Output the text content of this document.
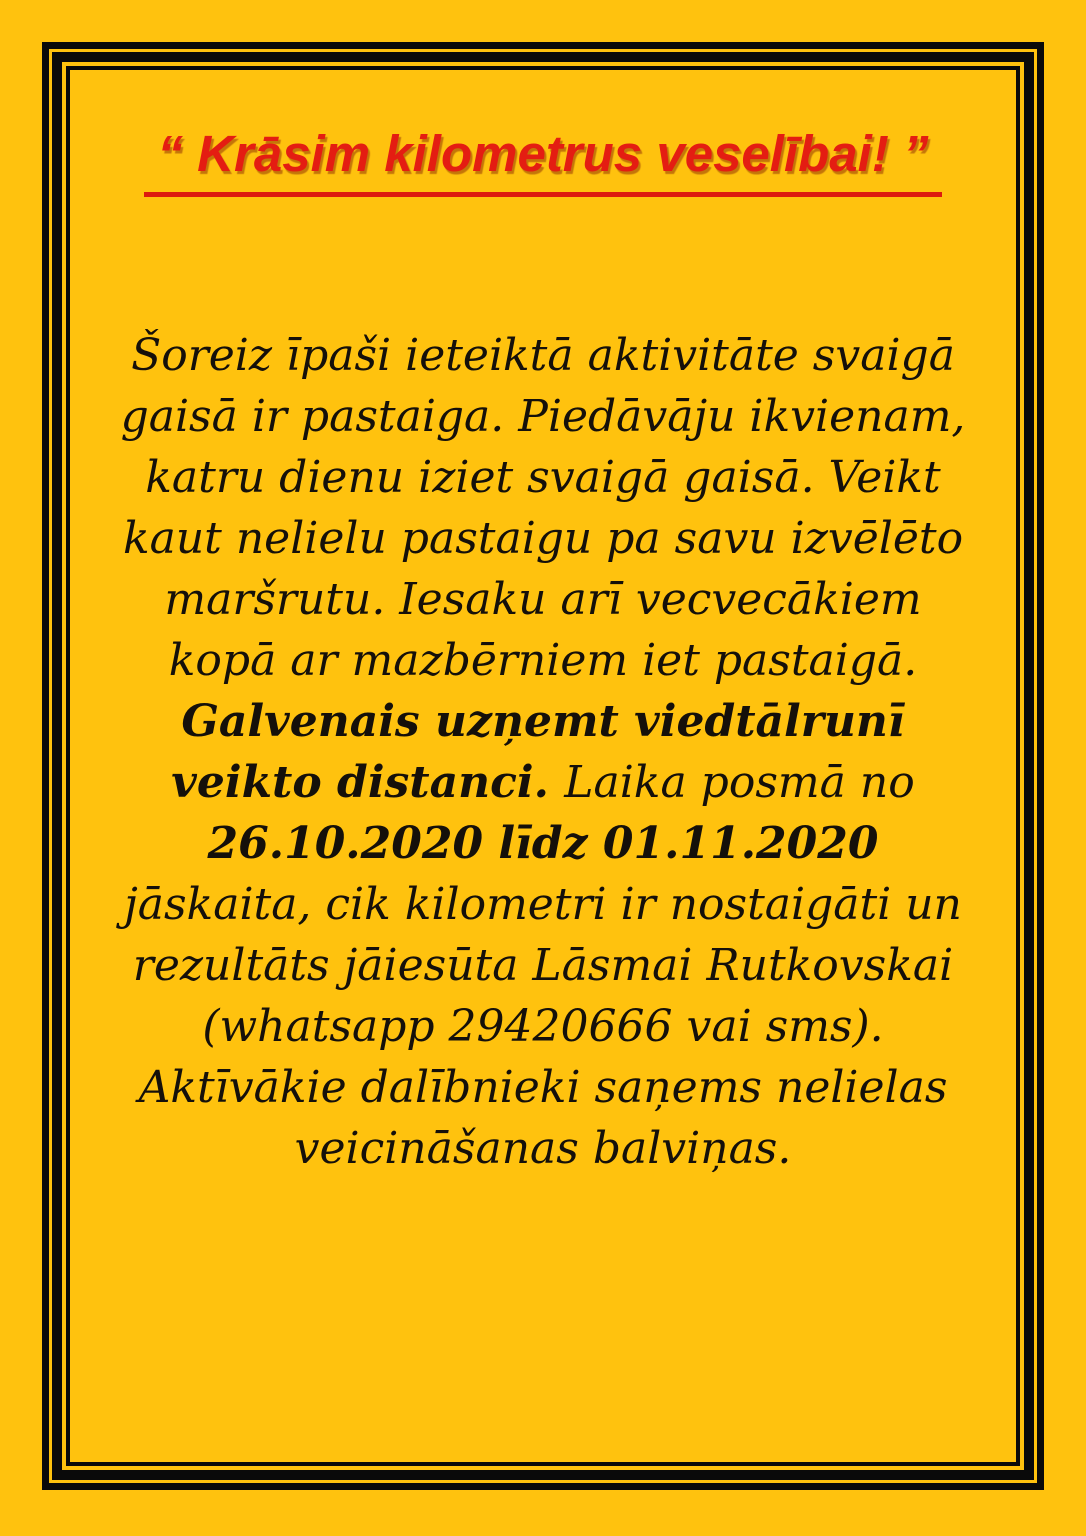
“ Krāsim kilometrus veselībai! ”

Šoreiz īpaši ieteiktā aktivitāte svaigā gaisā ir pastaiga. Piedāvāju ikvienam, katru dienu iziet svaigā gaisā. Veikt kaut nelielu pastaigu pa savu izvēlēto maršrutu. Iesaku arī vecvecākiem kopā ar mazbērniem iet pastaigā. Galvenais uzņemt viedtālrunī veikto distanci. Laika posmā no 26.10.2020 līdz 01.11.2020 jāskaita, cik kilometri ir nostaigāti un rezultāts jāiesūta Lāsmai Rutkovskai (whatsapp 29420666 vai sms). Aktīvākie dalībnieki saņems nelielas veicināšanas balviņas.
